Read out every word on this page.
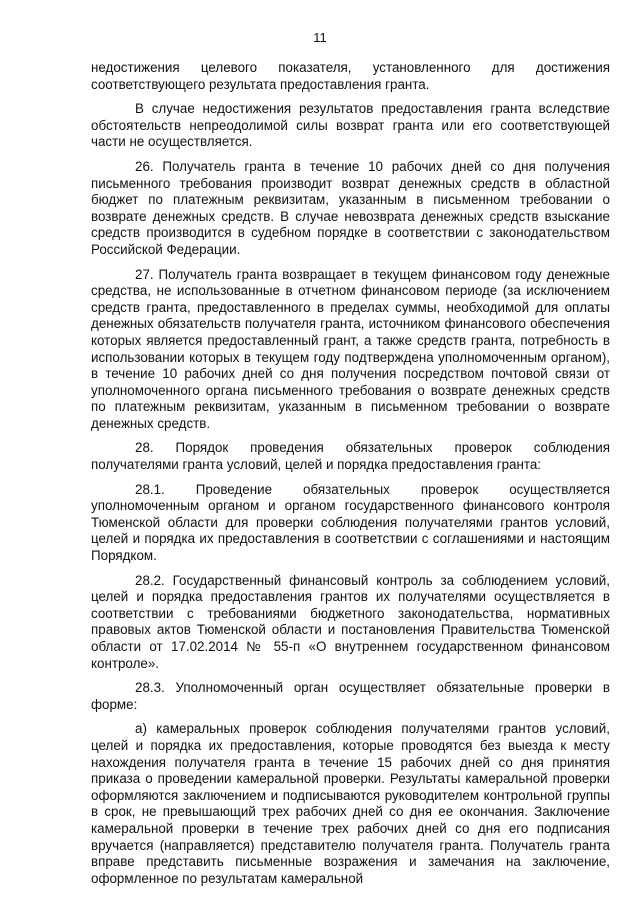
11

недостижения целевого показателя, установленного для достижения соответствующего результата предоставления гранта.

В случае недостижения результатов предоставления гранта вследствие обстоятельств непреодолимой силы возврат гранта или его соответствующей части не осуществляется.

26. Получатель гранта в течение 10 рабочих дней со дня получения письменного требования производит возврат денежных средств в областной бюджет по платежным реквизитам, указанным в письменном требовании о возврате денежных средств. В случае невозврата денежных средств взыскание средств производится в судебном порядке в соответствии с законодательством Российской Федерации.

27. Получатель гранта возвращает в текущем финансовом году денежные средства, не использованные в отчетном финансовом периоде (за исключением средств гранта, предоставленного в пределах суммы, необходимой для оплаты денежных обязательств получателя гранта, источником финансового обеспечения которых является предоставленный грант, а также средств гранта, потребность в использовании которых в текущем году подтверждена уполномоченным органом), в течение 10 рабочих дней со дня получения посредством почтовой связи от уполномоченного органа письменного требования о возврате денежных средств по платежным реквизитам, указанным в письменном требовании о возврате денежных средств.

28. Порядок проведения обязательных проверок соблюдения получателями гранта условий, целей и порядка предоставления гранта:

28.1. Проведение обязательных проверок осуществляется уполномоченным органом и органом государственного финансового контроля Тюменской области для проверки соблюдения получателями грантов условий, целей и порядка их предоставления в соответствии с соглашениями и настоящим Порядком.

28.2. Государственный финансовый контроль за соблюдением условий, целей и порядка предоставления грантов их получателями осуществляется в соответствии с требованиями бюджетного законодательства, нормативных правовых актов Тюменской области и постановления Правительства Тюменской области от 17.02.2014 № 55-п «О внутреннем государственном финансовом контроле».

28.3. Уполномоченный орган осуществляет обязательные проверки в форме:

а) камеральных проверок соблюдения получателями грантов условий, целей и порядка их предоставления, которые проводятся без выезда к месту нахождения получателя гранта в течение 15 рабочих дней со дня принятия приказа о проведении камеральной проверки. Результаты камеральной проверки оформляются заключением и подписываются руководителем контрольной группы в срок, не превышающий трех рабочих дней со дня ее окончания. Заключение камеральной проверки в течение трех рабочих дней со дня его подписания вручается (направляется) представителю получателя гранта. Получатель гранта вправе представить письменные возражения и замечания на заключение, оформленное по результатам камеральной
